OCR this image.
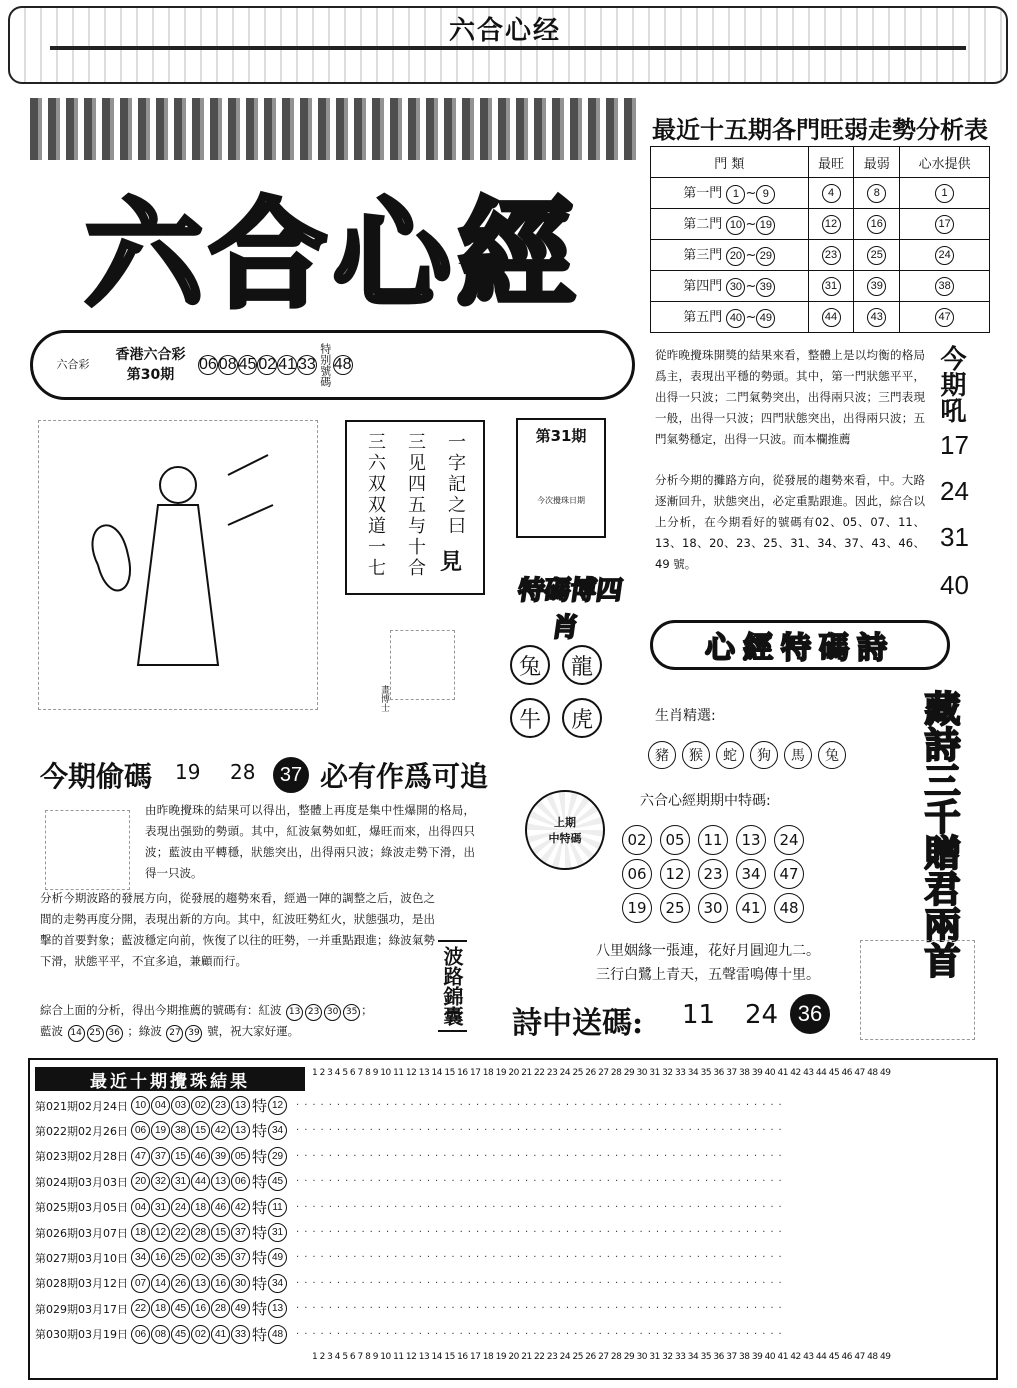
六合心经
六合心經
六合彩
香港六合彩
第30期
06 08 45 02 41 33 特别號碼 48
最近十五期各門旺弱走勢分析表
門 類	最旺	最弱	心水提供
第一門 1 ~ 9	4	8	1
第二門 10 ~ 19	12	16	17
第三門 20 ~ 29	23	25	24
第四門 30 ~ 39	31	39	38
第五門 40 ~ 49	44	43	47
從昨晚攪珠開獎的結果來看，整體上是以均衡的格局爲主，表現出平穩的勢頭。其中，第一門狀態平平，出得一只波；二門氣勢突出，出得兩只波；三門表現一般，出得一只波；四門狀態突出，出得兩只波；五門氣勢穩定，出得一只波。而本欄推薦
分析今期的攤路方向，從發展的趨勢來看，中。大路逐漸回升，狀態突出，必定重點跟進。因此，綜合以上分析，在今期看好的號碼有02、05、07、11、13、18、20、23、25、31、34、37、43、46、49 號。
今期吼
17
24
31
40
一字記之曰
三见四五与十合
三六双双道一七 見
第31期
今次攪珠日期
特碼博四肖
兔	龍
牛	虎
畫博士
心經特碼詩
藏詩三千贈君兩首
生肖精選:
豬	猴	蛇	狗	馬	兔
六合心經期期中特碼:
02	05	11	13	24
06	12	23	34	47
19	25	30	41	48
上期
中特碼
八里姻緣一張連，花好月圓迎九二。
三行白鷺上青天，五聲雷鳴傳十里。
詩中送碼: 11 24 36
今期偷碼 19 28	37 必有作爲可追
由昨晚攪珠的結果可以得出，整體上再度是集中性爆開的格局，表現出强勁的勢頭。其中，紅波氣勢如虹，爆旺而來，出得四只波；藍波由平轉穩，狀態突出，出得兩只波；綠波走勢下滑，出得一只波。
分析今期波路的發展方向，從發展的趨勢來看，經過一陣的調整之后，波色之間的走勢再度分開，表現出新的方向。其中，紅波旺勢紅火，狀態强功，是出擊的首要對象；藍波穩定向前，恢復了以往的旺勢，一并重點跟進；綠波氣勢下滑，狀態平平，不宜多追，兼顧而行。
綜合上面的分析，得出今期推薦的號碼有：紅波 13 23 30 35 ；
藍波 14 25 36 ；綠波 27 39 號，祝大家好運。
波路錦囊
最近十期攪珠結果	1 2 3 4 5 6 7 8 9 10 11 12 13 14 15 16 17 18 19 20 21 22 23 24 25 26 27 28 29 30 31 32 33 34 35 36 37 38 39 40 41 42 43 44 45 46 47 48 49
1 2 3 4 5 6 7 8 9 10 11 12 13 14 15 16 17 18 19 20 21 22 23 24 25 26 27 28 29 30 31 32 33 34 35 36 37 38 39 40 41 42 43 44 45 46 47 48 49
第021期02月24日 10 04 03 02 23 13 特 12	····························································
第022期02月26日 06 19 38 15 42 13 特 34	····························································
第023期02月28日 47 37 15 46 39 05 特 29	····························································
第024期03月03日 20 32 31 44 13 06 特 45	····························································
第025期03月05日 04 31 24 18 46 42 特 11	····························································
第026期03月07日 18 12 22 28 15 37 特 31	····························································
第027期03月10日 34 16 25 02 35 37 特 49	····························································
第028期03月12日 07 14 26 13 16 30 特 34	····························································
第029期03月17日 22 18 45 16 28 49 特 13	····························································
第030期03月19日 06 08 45 02 41 33 特 48	····························································
